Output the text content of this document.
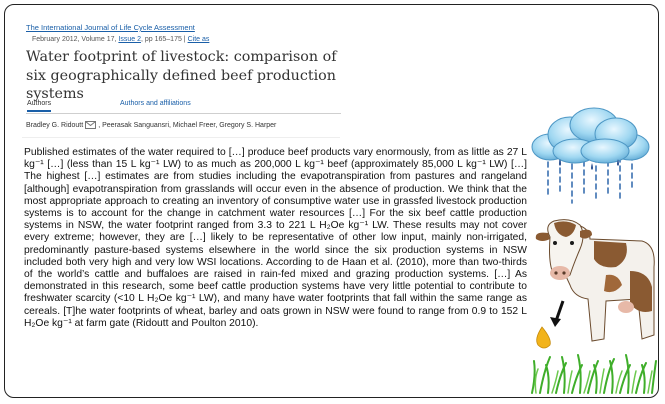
The International Journal of Life Cycle Assessment
February 2012, Volume 17, Issue 2, pp 165–175 | Cite as
Water footprint of livestock: comparison of six geographically defined beef production systems
Authors	Authors and affiliations
Bradley G. Ridoutt , Peerasak Sanguansri, Michael Freer, Gregory S. Harper

Published estimates of the water required to […] produce beef products vary enormously, from as little as 27 L kg⁻¹ […] (less than 15 L kg⁻¹ LW) to as much as 200,000 L kg⁻¹ beef (approximately 85,000 L kg⁻¹ LW) […] The highest […] estimates are from studies including the evapotranspiration from pastures and rangeland [although] evapotranspiration from grasslands will occur even in the absence of production. We think that the most appropriate approach to creating an inventory of consumptive water use in grassfed livestock production systems is to account for the change in catchment water resources […] For the six beef cattle production systems in NSW, the water footprint ranged from 3.3 to 221 L H₂Oe kg⁻¹ LW. These results may not cover every extreme; however, they are […] likely to be representative of other low input, mainly non-irrigated, predominantly pasture-based systems elsewhere in the world since the six production systems in NSW included both very high and very low WSI locations. According to de Haan et al. (2010), more than two-thirds of the world’s cattle and buffaloes are raised in rain-fed mixed and grazing production systems. […] As demonstrated in this research, some beef cattle production systems have very little potential to contribute to freshwater scarcity (<10 L H₂Oe kg⁻¹ LW), and many have water footprints that fall within the same range as cereals. [T]he water footprints of wheat, barley and oats grown in NSW were found to range from 0.9 to 152 L H₂Oe kg⁻¹ at farm gate (Ridoutt and Poulton 2010).
